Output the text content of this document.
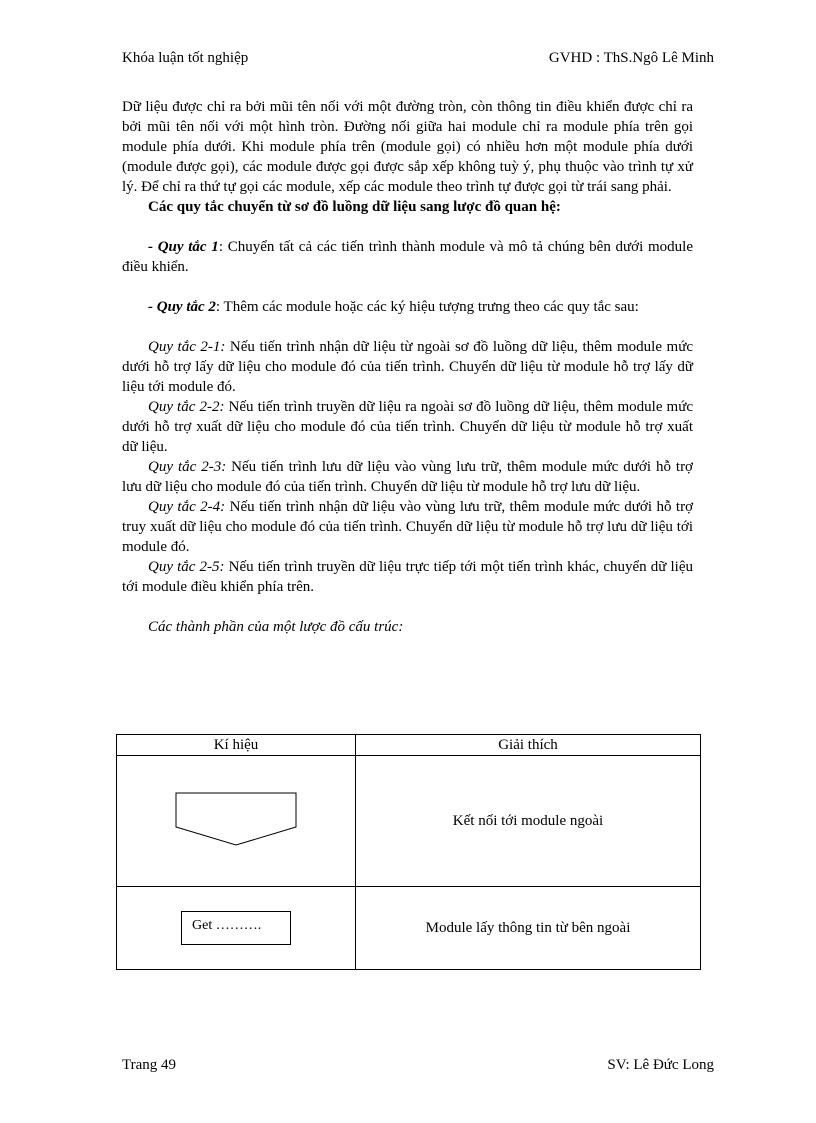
Khóa luận tốt nghiệp	GVHD : ThS.Ngô Lê Minh

Dữ liệu được chỉ ra bởi mũi tên nối với một đường tròn, còn thông tin điều khiển được chỉ ra bởi mũi tên nối với một hình tròn. Đường nối giữa hai module chỉ ra module phía trên gọi module phía dưới. Khi module phía trên (module gọi) có nhiều hơn một module phía dưới (module được gọi), các module được gọi được sắp xếp không tuỳ ý, phụ thuộc vào trình tự xử lý. Để chỉ ra thứ tự gọi các module, xếp các module theo trình tự được gọi từ trái sang phải.

Các quy tắc chuyển từ sơ đồ luồng dữ liệu sang lược đồ quan hệ:

- Quy tắc 1: Chuyển tất cả các tiến trình thành module và mô tả chúng bên dưới module điều khiển.

- Quy tắc 2: Thêm các module hoặc các ký hiệu tượng trưng theo các quy tắc sau:

Quy tắc 2-1: Nếu tiến trình nhận dữ liệu từ ngoài sơ đồ luồng dữ liệu, thêm module mức dưới hỗ trợ lấy dữ liệu cho module đó của tiến trình. Chuyển dữ liệu từ module hỗ trợ lấy dữ liệu tới module đó.

Quy tắc 2-2: Nếu tiến trình truyền dữ liệu ra ngoài sơ đồ luồng dữ liệu, thêm module mức dưới hỗ trợ xuất dữ liệu cho module đó của tiến trình. Chuyển dữ liệu từ module hỗ trợ xuất dữ liệu.

Quy tắc 2-3: Nếu tiến trình lưu dữ liệu vào vùng lưu trữ, thêm module mức dưới hỗ trợ lưu dữ liệu cho module đó của tiến trình. Chuyển dữ liệu từ module hỗ trợ lưu dữ liệu.

Quy tắc 2-4: Nếu tiến trình nhận dữ liệu vào vùng lưu trữ, thêm module mức dưới hỗ trợ truy xuất dữ liệu cho module đó của tiến trình. Chuyển dữ liệu từ module hỗ trợ lưu dữ liệu tới module đó.

Quy tắc 2-5: Nếu tiến trình truyền dữ liệu trực tiếp tới một tiến trình khác, chuyển dữ liệu tới module điều khiển phía trên.

Các thành phần của một lược đồ cấu trúc:

Kí hiệu	Giải thích
	Kết nối tới module ngoài
Get ……….	Module lấy thông tin từ bên ngoài
Trang 49	SV: Lê Đức Long
